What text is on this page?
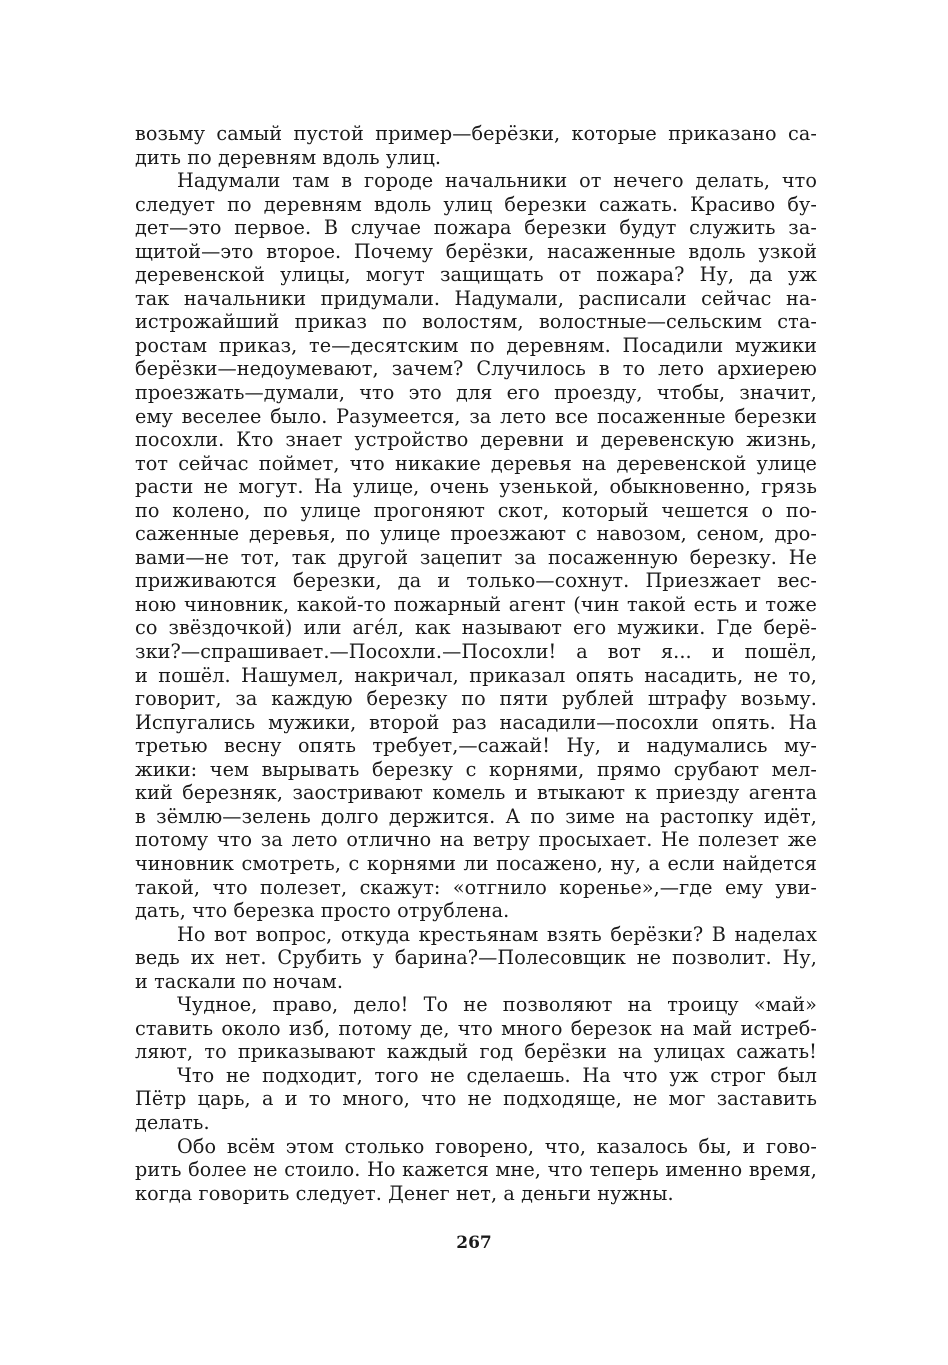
возьму самый пустой пример—берёзки, которые приказано са-
дить по деревням вдоль улиц.
Надумали там в городе начальники от нечего делать, что
следует по деревням вдоль улиц березки сажать. Красиво бу-
дет—это первое. В случае пожара березки будут служить за-
щитой—это второе. Почему берёзки, насаженные вдоль узкой
деревенской улицы, могут защищать от пожара? Ну, да уж
так начальники придумали. Надумали, расписали сейчас на-
истрожайший приказ по волостям, волостные—сельским ста-
ростам приказ, те—десятским по деревням. Посадили мужики
берёзки—недоумевают, зачем? Случилось в то лето архиерею
проезжать—думали, что это для его проезду, чтобы, значит,
ему веселее было. Разумеется, за лето все посаженные березки
посохли. Кто знает устройство деревни и деревенскую жизнь,
тот сейчас поймет, что никакие деревья на деревенской улице
расти не могут. На улице, очень узенькой, обыкновенно, грязь
по колено, по улице прогоняют скот, который чешется о по-
саженные деревья, по улице проезжают с навозом, сеном, дро-
вами—не тот, так другой зацепит за посаженную березку. Не
приживаются березки, да и только—сохнут. Приезжает вес-
ною чиновник, какой-то пожарный агент (чин такой есть и тоже
со звёздочкой) или агéл, как называют его мужики. Где берё-
зки?—спрашивает.—Посохли.—Посохли! а вот я... и пошёл,
и пошёл. Нашумел, накричал, приказал опять насадить, не то,
говорит, за каждую березку по пяти рублей штрафу возьму.
Испугались мужики, второй раз насадили—посохли опять. На
третью весну опять требует,—сажай! Ну, и надумались му-
жики: чем вырывать березку с корнями, прямо срубают мел-
кий березняк, заостривают комель и втыкают к приезду агента
в зёмлю—зелень долго держится. А по зиме на растопку идёт,
потому что за лето отлично на ветру просыхает. Не полезет же
чиновник смотреть, с корнями ли посажено, ну, а если найдется
такой, что полезет, скажут: «отгнило коренье»,—где ему уви-
дать, что березка просто отрублена.
Но вот вопрос, откуда крестьянам взять берёзки? В наделах
ведь их нет. Срубить у барина?—Полесовщик не позволит. Ну,
и таскали по ночам.
Чудное, право, дело! То не позволяют на троицу «май»
ставить около изб, потому де, что много березок на май истреб-
ляют, то приказывают каждый год берёзки на улицах сажать!
Что не подходит, того не сделаешь. На что уж строг был
Пётр царь, а и то много, что не подходяще, не мог заставить
делать.
Обо всём этом столько говорено, что, казалось бы, и гово-
рить более не стоило. Но кажется мне, что теперь именно время,
когда говорить следует. Денег нет, а деньги нужны.
267
